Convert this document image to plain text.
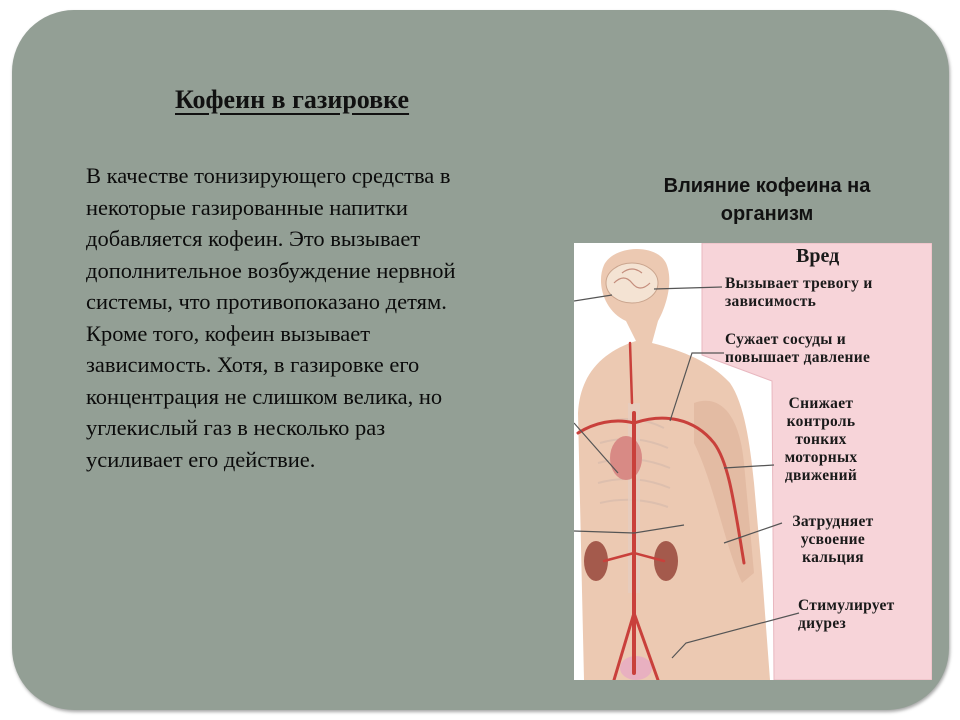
Кофеин в газировке

В качестве тонизирующего средства в
некоторые газированные напитки
добавляется кофеин. Это вызывает
дополнительное возбуждение нервной
системы, что противопоказано детям.
Кроме того, кофеин вызывает
зависимость. Хотя, в газировке его
концентрация не слишком велика, но
углекислый газ в несколько раз
усиливает его действие.

Влияние кофеина на
организм

Вред
Вызывает тревогу и
зависимость
Сужает сосуды и
повышает давление
Снижает
контроль
тонких
моторных
движений
Затрудняет
усвоение
кальция
Стимулирует
диурез
